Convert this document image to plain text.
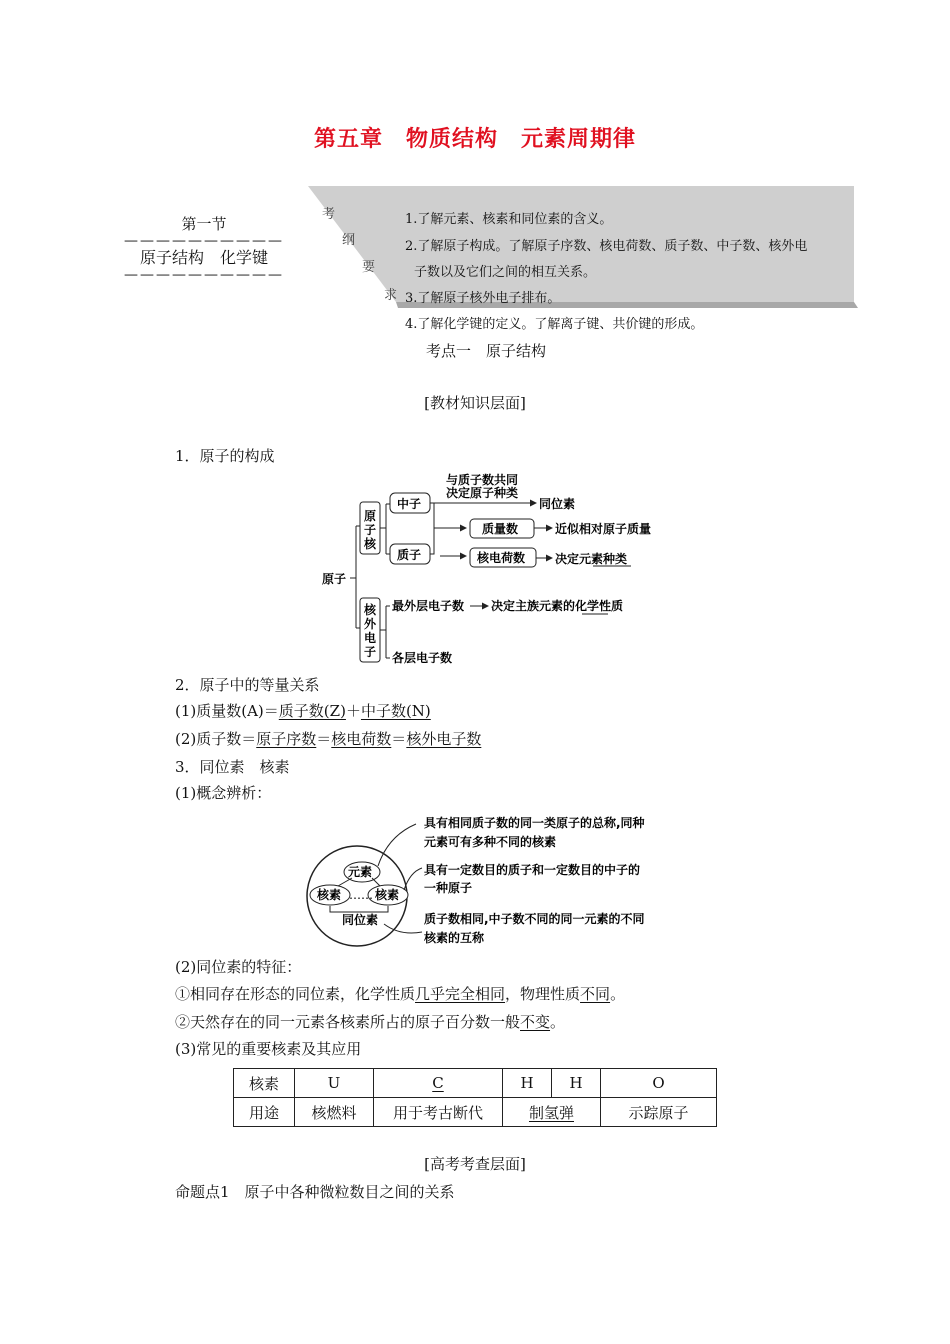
第五章　物质结构　元素周期律
第一节
——————————
原子结构　化学键
——————————
考
纲
要
求
1.了解元素、核素和同位素的含义。
2.了解原子构成。了解原子序数、核电荷数、质子数、中子数、核外电
子数以及它们之间的相互关系。
3.了解原子核外电子排布。
4.了解化学键的定义。了解离子键、共价键的形成。
考点一　原子结构
[教材知识层面]
1．原子的构成
原子
原
子
核
核
外
电
子
中子
质子
与质子数共同
决定原子种类
同位素
质量数	近似相对原子质量
核电荷数 决定元素种类
最外层电子数 决定主族元素的化学性质
各层电子数
2．原子中的等量关系
(1)质量数(A)＝质子数(Z)＋中子数(N)
(2)质子数＝原子序数＝核电荷数＝核外电子数
3．同位素　核素
(1)概念辨析：
元素
核素	核素
……
同位素
具有相同质子数的同一类原子的总称,同种
元素可有多种不同的核素
具有一定数目的质子和一定数目的中子的
一种原子
质子数相同,中子数不同的同一元素的不同
核素的互称
(2)同位素的特征：
①相同存在形态的同位素，化学性质几乎完全相同，物理性质不同。
②天然存在的同一元素各核素所占的原子百分数一般不变。
(3)常见的重要核素及其应用
核素	U	C	H	H	O
用途	核燃料	用于考古断代	制氢弹		示踪原子
[高考考查层面]
命题点1　原子中各种微粒数目之间的关系
